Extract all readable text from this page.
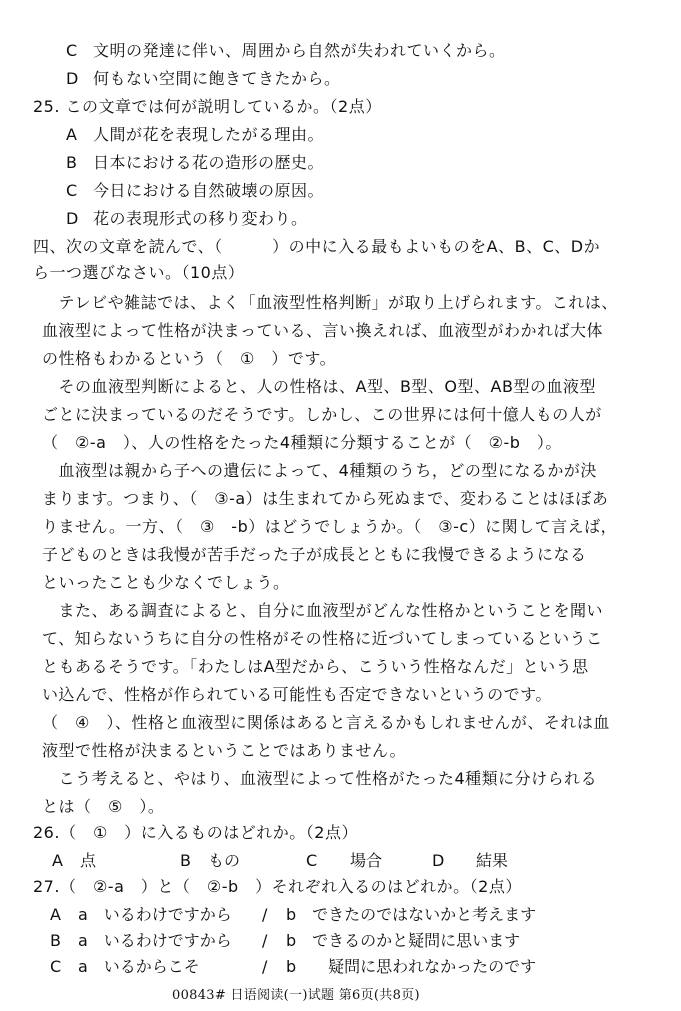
C 文明の発達に伴い、周囲から自然が失われていくから。
D 何もない空間に飽きてきたから。
25. この文章では何が説明しているか。（2点）
A 人間が花を表現したがる理由。
B 日本における花の造形の歴史。
C 今日における自然破壊の原因。
D 花の表現形式の移り変わり。
四、次の文章を読んで、（　　　）の中に入る最もよいものをA、B、C、Dか
ら一つ選びなさい。（10点）
　テレビや雑誌では、よく「血液型性格判断」が取り上げられます。これは、
血液型によって性格が決まっている、言い換えれば、血液型がわかれば大体
の性格もわかるという（　①　）です。
　その血液型判断によると、人の性格は、A型、B型、O型、AB型の血液型
ごとに決まっているのだそうです。しかし、この世界には何十億人もの人が
（　②-a　）、人の性格をたった4種類に分類することが（　②-b　）。
　血液型は親から子への遺伝によって、4種類のうち，どの型になるかが決
まります。つまり、（　③-a）は生まれてから死ぬまで、変わることはほぼあ
りません。一方、（　③　-b）はどうでしょうか。（　③-c）に関して言えば，
子どものときは我慢が苦手だった子が成長とともに我慢できるようになる
といったことも少なくでしょう。
　また、ある調査によると、自分に血液型がどんな性格かということを聞い
て、知らないうちに自分の性格がその性格に近づいてしまっているというこ
ともあるそうです。「わたしはA型だから、こういう性格なんだ」という思
い込んで、性格が作られている可能性も否定できないというのです。
（　④　）、性格と血液型に関係はあると言えるかもしれませんが、それは血
液型で性格が決まるということではありません。
　こう考えると、やはり、血液型によって性格がたった4種類に分けられる
とは（　⑤　）。
26.（　①　）に入るものはどれか。（2点）
A 点	B もの	C 場合	D 結果
27.（　②-a　）と（　②-b　）それぞれ入るのはどれか。（2点）
A a　いるわけですから / b　できたのではないかと考えます
B a　いるわけですから / b　できるのかと疑問に思います
C a　いるからこそ	/ b　　疑問に思われなかったのです
00843# 日语阅读(一)试题 第6页(共8页)
